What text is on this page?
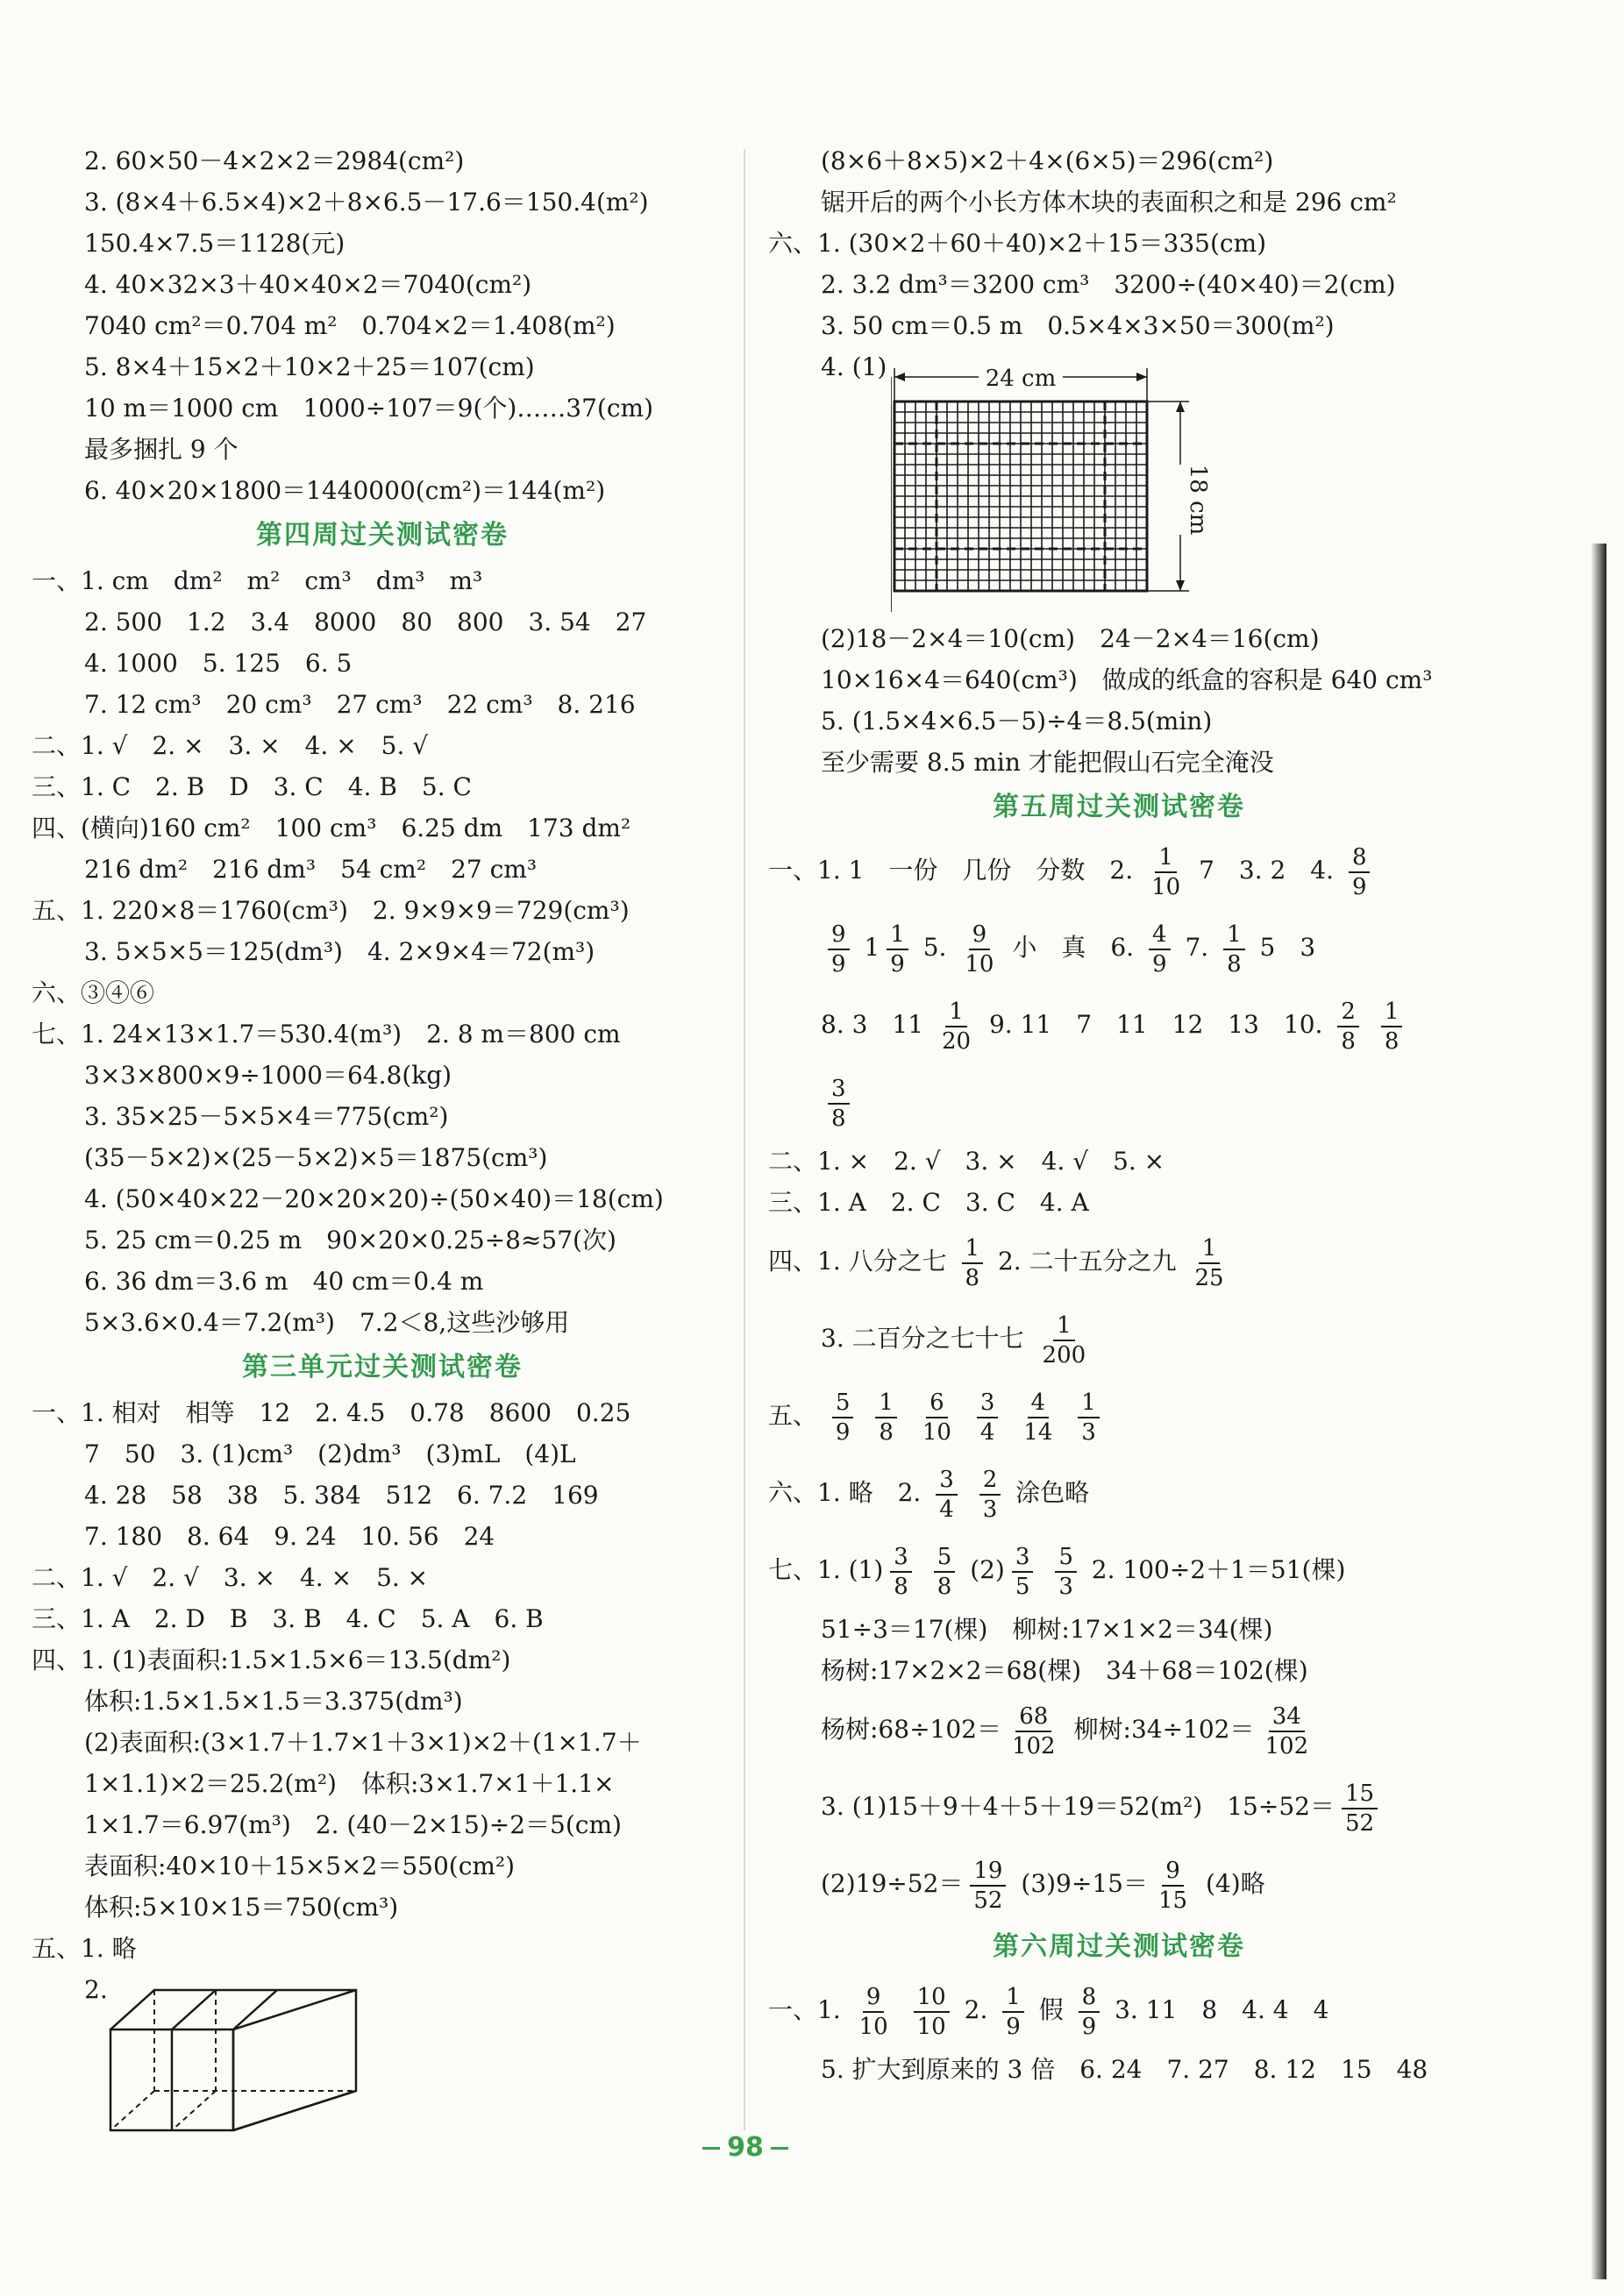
2. 60×50－4×2×2＝2984(cm²)
3. (8×4＋6.5×4)×2＋8×6.5－17.6＝150.4(m²)
150.4×7.5＝1128(元)
4. 40×32×3＋40×40×2＝7040(cm²)
7040 cm²＝0.704 m²　0.704×2＝1.408(m²)
5. 8×4＋15×2＋10×2＋25＝107(cm)
10 m＝1000 cm　1000÷107＝9(个)……37(cm)
最多捆扎 9 个
6. 40×20×1800＝1440000(cm²)＝144(m²)
第四周过关测试密卷
一、1. cm　dm²　m²　cm³　dm³　m³
2. 500　1.2　3.4　8000　80　800　3. 54　27
4. 1000　5. 125　6. 5
7. 12 cm³　20 cm³　27 cm³　22 cm³　8. 216
二、1. √　2. ×　3. ×　4. ×　5. √
三、1. C　2. B　D　3. C　4. B　5. C
四、(横向)160 cm²　100 cm³　6.25 dm　173 dm²
216 dm²　216 dm³　54 cm²　27 cm³
五、1. 220×8＝1760(cm³)　2. 9×9×9＝729(cm³)
3. 5×5×5＝125(dm³)　4. 2×9×4＝72(m³)
六、③④⑥
七、1. 24×13×1.7＝530.4(m³)　2. 8 m＝800 cm
3×3×800×9÷1000＝64.8(kg)
3. 35×25－5×5×4＝775(cm²)
(35－5×2)×(25－5×2)×5＝1875(cm³)
4. (50×40×22－20×20×20)÷(50×40)＝18(cm)
5. 25 cm＝0.25 m　90×20×0.25÷8≈57(次)
6. 36 dm＝3.6 m　40 cm＝0.4 m
5×3.6×0.4＝7.2(m³)　7.2＜8,这些沙够用
第三单元过关测试密卷
一、1. 相对　相等　12　2. 4.5　0.78　8600　0.25
7　50　3. (1)cm³　(2)dm³　(3)mL　(4)L
4. 28　58　38　5. 384　512　6. 7.2　169
7. 180　8. 64　9. 24　10. 56　24
二、1. √　2. √　3. ×　4. ×　5. ×
三、1. A　2. D　B　3. B　4. C　5. A　6. B
四、1. (1)表面积:1.5×1.5×6＝13.5(dm²)
体积:1.5×1.5×1.5＝3.375(dm³)
(2)表面积:(3×1.7＋1.7×1＋3×1)×2＋(1×1.7＋
1×1.1)×2＝25.2(m²)　体积:3×1.7×1＋1.1×
1×1.7＝6.97(m³)　2. (40－2×15)÷2＝5(cm)
表面积:40×10＋15×5×2＝550(cm²)
体积:5×10×15＝750(cm³)
五、1. 略
2.
(8×6＋8×5)×2＋4×(6×5)＝296(cm²)
锯开后的两个小长方体木块的表面积之和是 296 cm²
六、1. (30×2＋60＋40)×2＋15＝335(cm)
2. 3.2 dm³＝3200 cm³　3200÷(40×40)＝2(cm)
3. 50 cm＝0.5 m　0.5×4×3×50＝300(m²)
4. (1)	24 cm
18 cm
(2)18－2×4＝10(cm)　24－2×4＝16(cm)
10×16×4＝640(cm³)　做成的纸盒的容积是 640 cm³
5. (1.5×4×6.5－5)÷4＝8.5(min)
至少需要 8.5 min 才能把假山石完全淹没
第五周过关测试密卷
一、1. 1　一份　几份　分数　2. $\frac{1}{10} 7$　3. 2　4. $\frac{8}{9}$
$\frac{9}{9} 1 \frac{1}{9} 5$. $\frac{9}{10}$ 小　真　6. $\frac{4}{9} 7$. $\frac{1}{8} 5$　3
8. 3　$11 \frac{1}{20} 9$. 11　7　11　12　13　10. $\frac{2}{8}$
$\frac{1}{8}$
$\frac{3}{8}$
二、1. ×　2. √　3. ×　4. √　5. ×
三、1. A　2. C　3. C　4. A
四、1. 八分之七 $\frac{1}{8} 2$. 二十五分之九 $\frac{1}{25}$
3. 二百分之七十七 $\frac{1}{200}$
五、 $\frac{5}{9}$
$\frac{1}{8}$
$\frac{6}{10}$
$\frac{3}{4}$
$\frac{4}{14}$
$\frac{1}{3}$
六、1. 略　2. $\frac{3}{4}$
$\frac{2}{3}$ 涂色略
七、1. $(1) \frac{3}{8}$
$\frac{5}{8} (2) \frac{3}{5}$
$\frac{5}{3} 2$. 100÷2＋1＝51(棵)
51÷3＝17(棵)　柳树:17×1×2＝34(棵)
杨树:17×2×2＝68(棵)　34＋68＝102(棵)
杨树:68÷102＝ $\frac{68}{102}$ 柳树:34÷102＝ $\frac{34}{102}$
3. (1)15＋9＋4＋5＋19＝52(m²)　$15\div 52= \frac{15}{52}$
$(2)19\div 52= \frac{19}{52} (3)9\div 15= \frac{9}{15} (4)$略
第六周过关测试密卷
一、1. $\frac{9}{10}$
$\frac{10}{10} 2$. $\frac{1}{9}$ 假 $\frac{8}{9} 3$. 11　8　4. 4　4
5. 扩大到原来的 3 倍　6. 24　7. 27　8. 12　15　48
98
